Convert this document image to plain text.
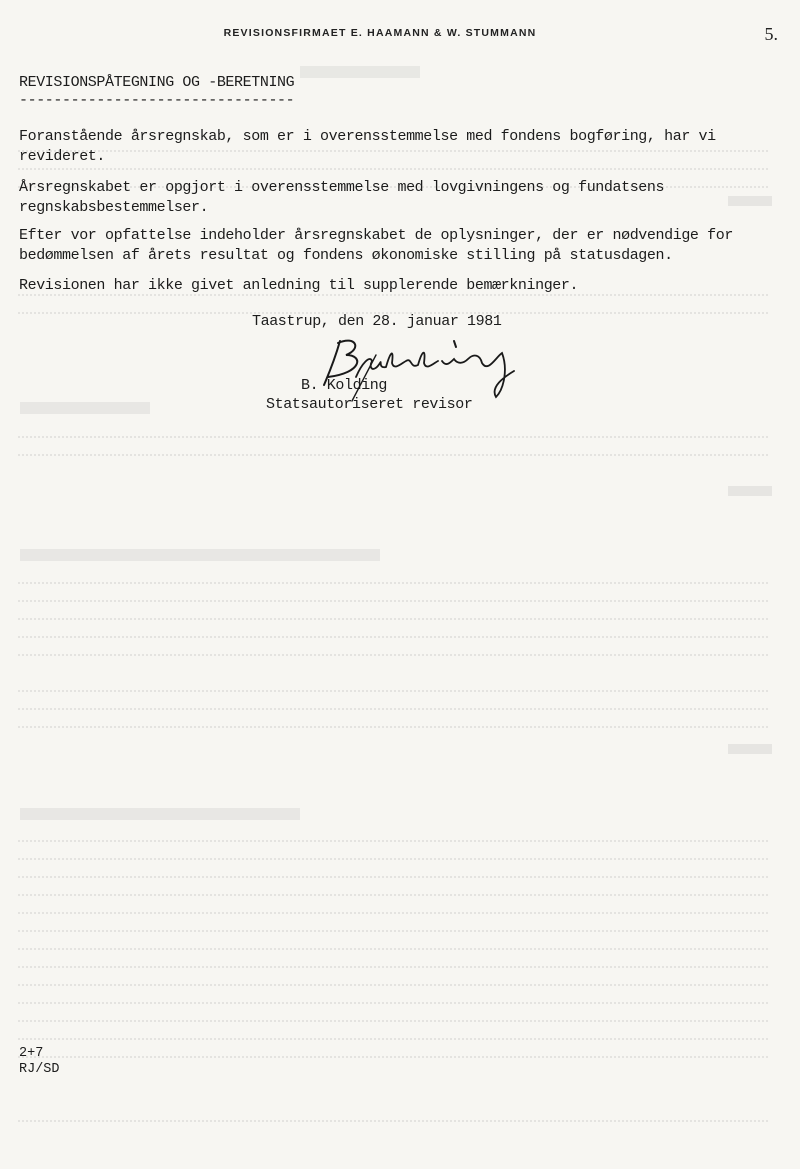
REVISIONSFIRMAET E. HAAMANN & W. STUMMANN	5.
REVISIONSPÅTEGNING OG -BERETNING
--------------------------------

Foranstående årsregnskab, som er i overensstemmelse med fondens bogføring, har vi revideret.

Årsregnskabet er opgjort i overensstemmelse med lovgivningens og fundatsens regnskabsbestemmelser.

Efter vor opfattelse indeholder årsregnskabet de oplysninger, der er nødvendige for bedømmelsen af årets resultat og fondens økonomiske stilling på statusdagen.

Revisionen har ikke givet anledning til supplerende bemærkninger.

Taastrup, den 28. januar 1981
B. Kolding
Statsautoriseret revisor
2+7
RJ/SD
